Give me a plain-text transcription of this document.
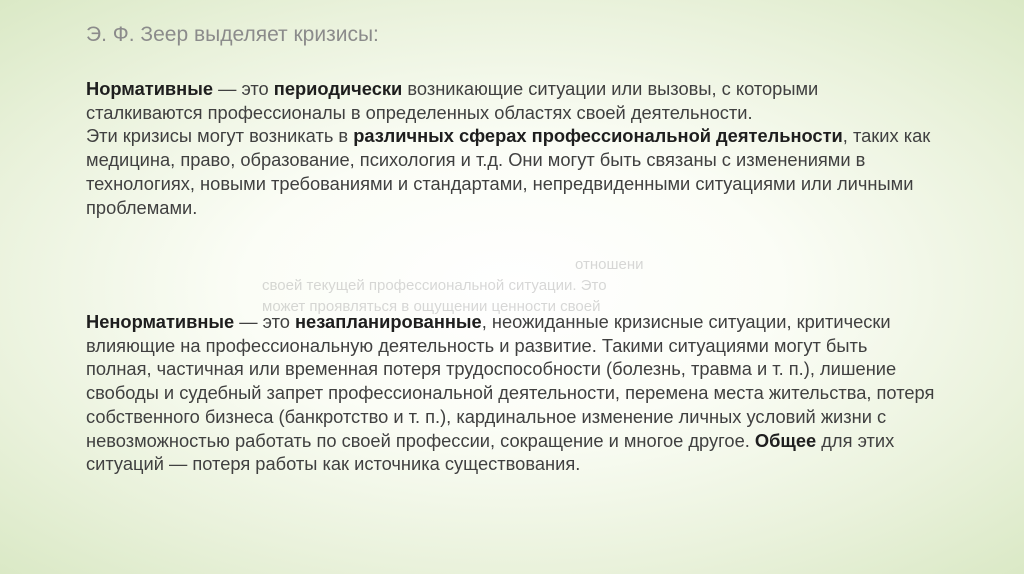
Э. Ф. Зеер выделяет кризисы:
отношени
своей текущей профессиональной ситуации. Это
может проявляться в ощущении ценности своей

Нормативные — это периодически возникающие ситуации или вызовы, с которыми сталкиваются профессионалы в определенных областях своей деятельности.
Эти кризисы могут возникать в различных сферах профессиональной деятельности, таких как медицина, право, образование, психология и т.д. Они могут быть связаны с изменениями в технологиях, новыми требованиями и стандартами, непредвиденными ситуациями или личными проблемами.

Ненормативные — это незапланированные, неожиданные кризисные ситуации, критически влияющие на профессиональную деятельность и развитие. Такими ситуациями могут быть полная, частичная или временная потеря трудоспособности (болезнь, травма и т. п.), лишение свободы и судебный запрет профессиональной деятельности, перемена места жительства, потеря собственного бизнеса (банкротство и т. п.), кардинальное изменение личных условий жизни с невозможностью работать по своей профессии, сокращение и многое другое. Общее для этих ситуаций — потеря работы как источника существования.
